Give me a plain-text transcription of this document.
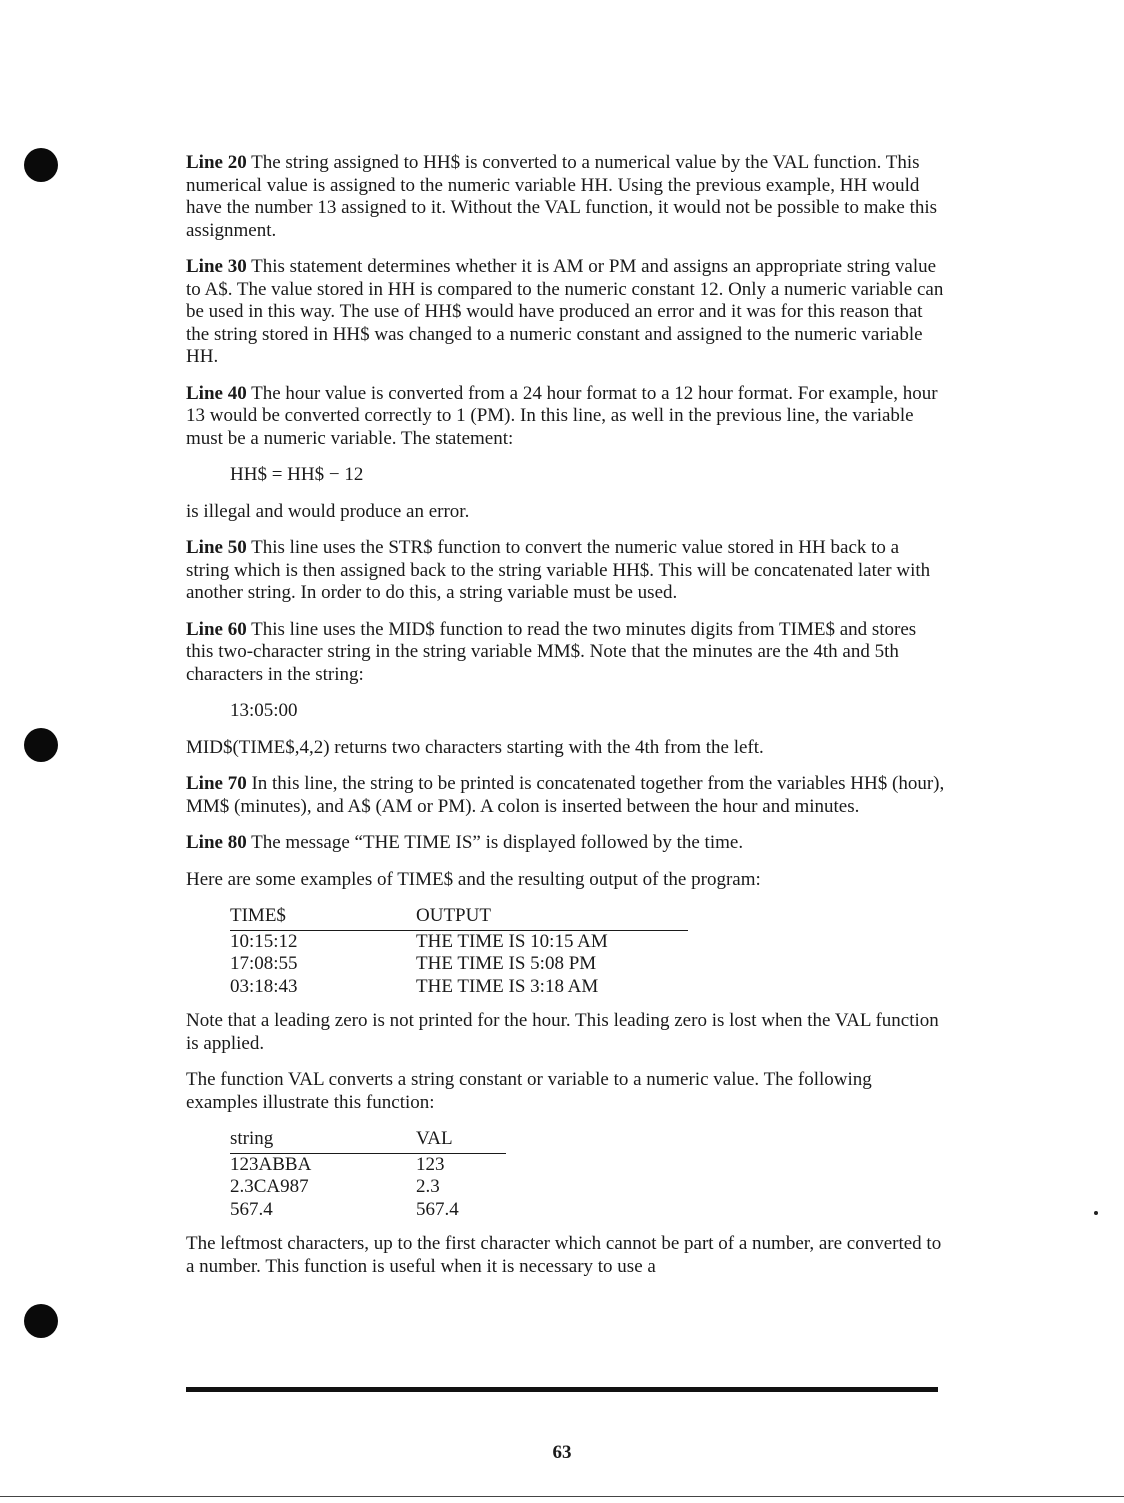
Line 20 The string assigned to HH$ is converted to a numerical value by the VAL function. This numerical value is assigned to the numeric variable HH. Using the previous example, HH would have the number 13 assigned to it. Without the VAL function, it would not be possible to make this assignment.

Line 30 This statement determines whether it is AM or PM and assigns an appropriate string value to A$. The value stored in HH is compared to the numeric constant 12. Only a numeric variable can be used in this way. The use of HH$ would have produced an error and it was for this reason that the string stored in HH$ was changed to a numeric constant and assigned to the numeric variable HH.

Line 40 The hour value is converted from a 24 hour format to a 12 hour format. For example, hour 13 would be converted correctly to 1 (PM). In this line, as well in the previous line, the variable must be a numeric variable. The statement:

HH$ = HH$ − 12

is illegal and would produce an error.

Line 50 This line uses the STR$ function to convert the numeric value stored in HH back to a string which is then assigned back to the string variable HH$. This will be concatenated later with another string. In order to do this, a string variable must be used.

Line 60 This line uses the MID$ function to read the two minutes digits from TIME$ and stores this two-character string in the string variable MM$. Note that the minutes are the 4th and 5th characters in the string:

13:05:00

MID$(TIME$,4,2) returns two characters starting with the 4th from the left.

Line 70 In this line, the string to be printed is concatenated together from the variables HH$ (hour), MM$ (minutes), and A$ (AM or PM). A colon is inserted between the hour and minutes.

Line 80 The message “THE TIME IS” is displayed followed by the time.

Here are some examples of TIME$ and the resulting output of the program:

TIME$	OUTPUT
10:15:12	THE TIME IS 10:15 AM
17:08:55	THE TIME IS 5:08 PM
03:18:43	THE TIME IS 3:18 AM

Note that a leading zero is not printed for the hour. This leading zero is lost when the VAL function is applied.

The function VAL converts a string constant or variable to a numeric value. The following examples illustrate this function:

string	VAL
123ABBA	123
2.3CA987	2.3
567.4	567.4

The leftmost characters, up to the first character which cannot be part of a number, are converted to a number. This function is useful when it is necessary to use a

63
